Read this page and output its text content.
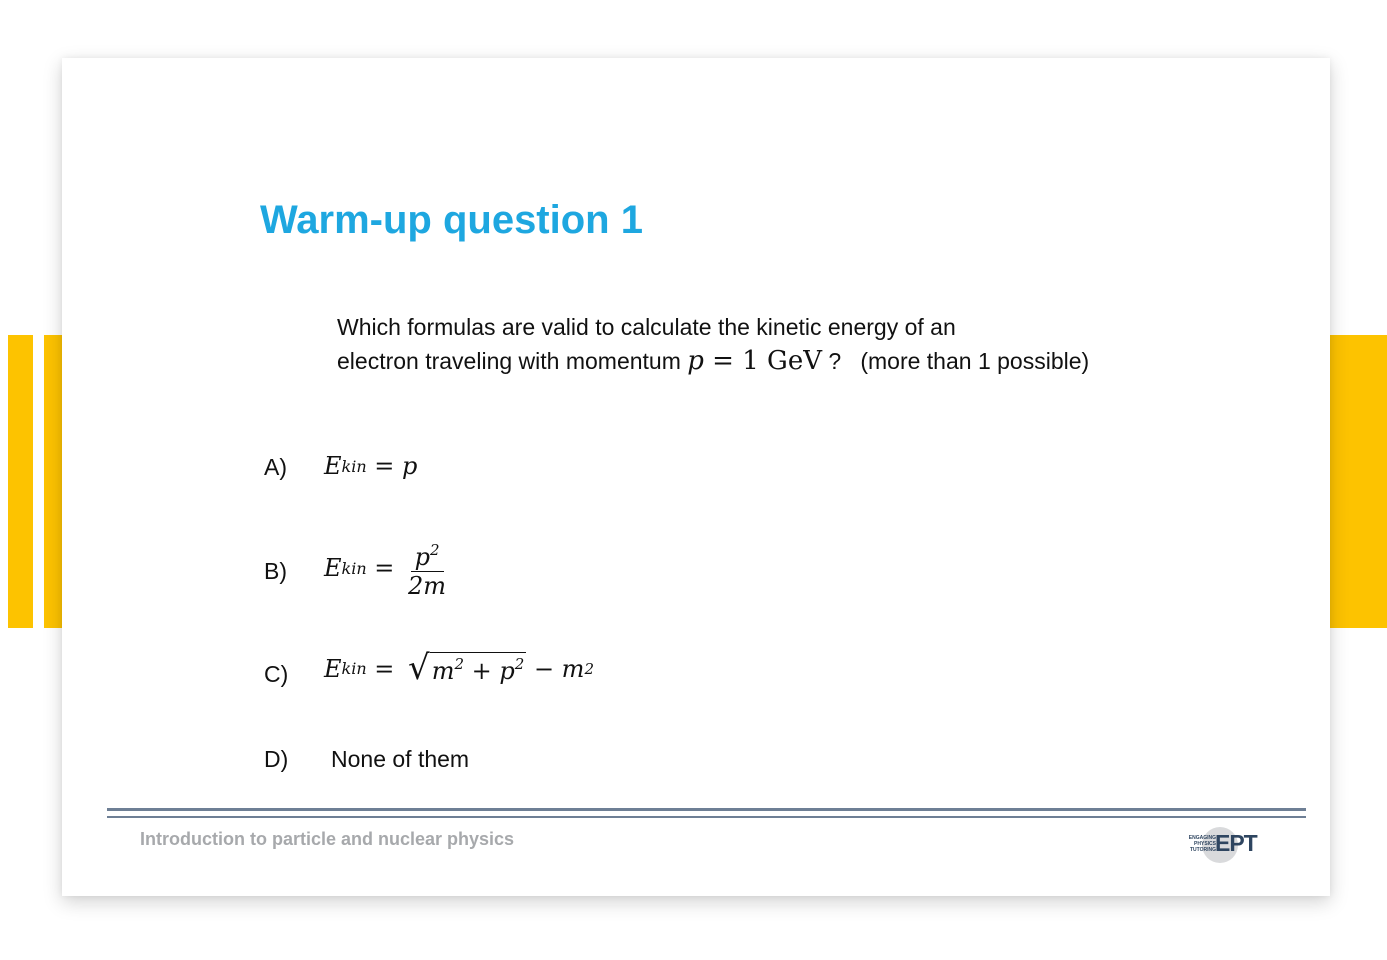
Warm-up question 1
Which formulas are valid to calculate the kinetic energy of an
electron traveling with momentum p = 1 GeV ?   (more than 1 possible)
A) E kin = p
B) E kin = $\frac{p^2}{2m}$
C) E kin = √ $m^2 + p^2 - m$ 2
D) None of them
Introduction to particle and nuclear physics	ENGAGING
PHYSICS
TUTORING EPT
